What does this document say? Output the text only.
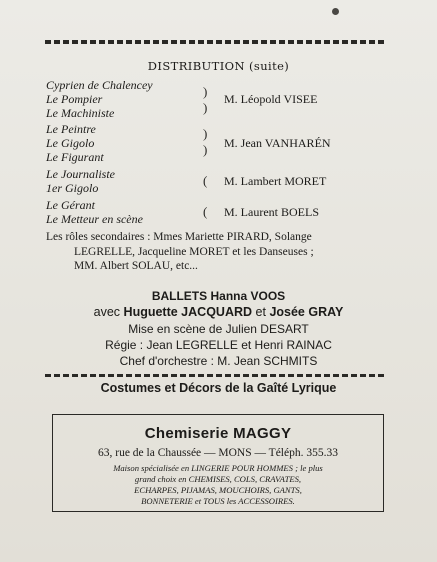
DISTRIBUTION (suite)
Cyprien de Chalencey
Le Pompier
Le Machiniste
)
)
M. Léopold VISEE
Le Peintre
Le Gigolo
Le Figurant
)
) M. Jean VANHARÉN
Le Journaliste
1er Gigolo	( M. Lambert MORET
Le Gérant
Le Metteur en scène	( M. Laurent BOELS
Les rôles secondaires : Mmes Mariette PIRARD, Solange
LEGRELLE, Jacqueline MORET et les Danseuses ;
MM. Albert SOLAU, etc...
BALLETS Hanna VOOS
avec Huguette JACQUARD et Josée GRAY
Mise en scène de Julien DESART
Régie : Jean LEGRELLE et Henri RAINAC
Chef d'orchestre : M. Jean SCHMITS
Costumes et Décors de la Gaîté Lyrique
Chemiserie MAGGY
63, rue de la Chaussée — MONS — Téléph. 355.33
Maison spécialisée en LINGERIE POUR HOMMES ; le plus
grand choix en CHEMISES, COLS, CRAVATES,
ECHARPES, PIJAMAS, MOUCHOIRS, GANTS,
BONNETERIE et TOUS les ACCESSOIRES.
